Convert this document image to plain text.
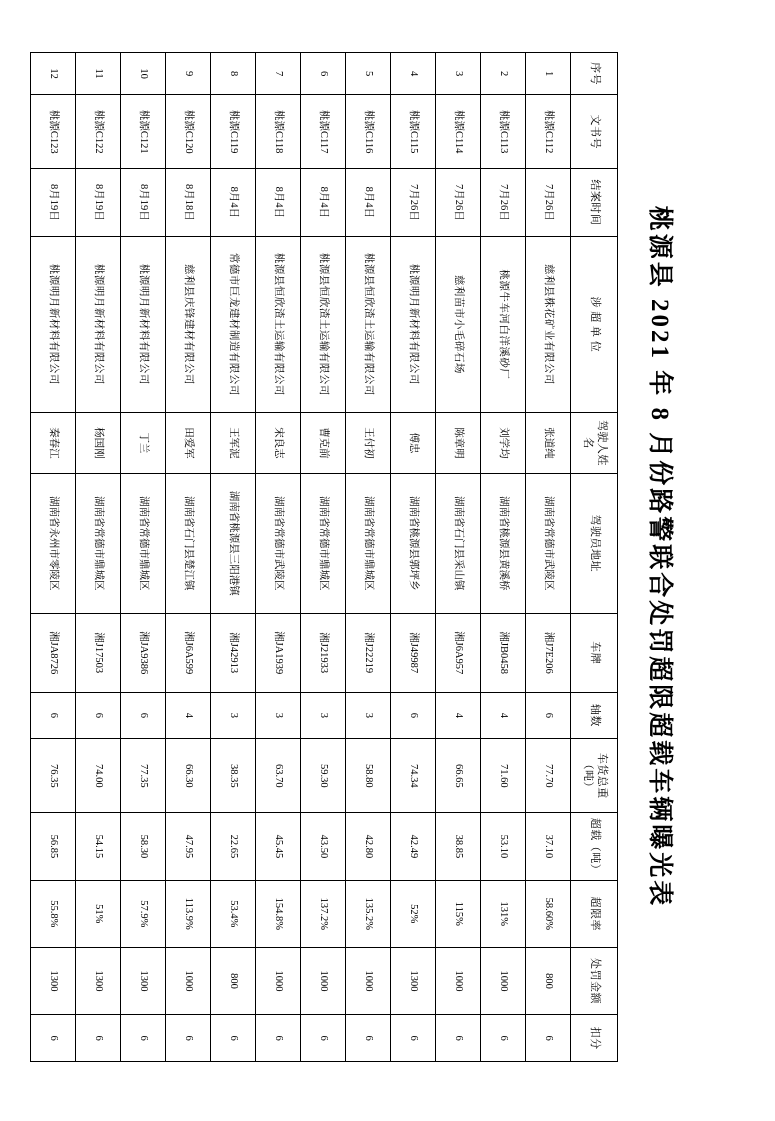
桃源县 2021 年 8 月份路警联合处罚超限超载车辆曝光表
序号	文书号	结案时间	涉 超 单 位	驾驶人姓名	驾驶员地址	车牌	轴数	车货总重（吨）	超载（吨）	超限率	处罚金额	扣分
1	桃源C112	7月26日	慈利县株花矿业有限公司	张道纯	湖南省常德市武陵区	湘J7E206	6	77.70	37.10	58.60%	800	6
2	桃源C113	7月26日	桃源牛车河白洋溪砂厂	刘学均	湖南省桃源县黄溪桥	湘JB0458	4	71.60	53.10	131%	1000	6
3	桃源C114	7月26日	慈利苗市小毛碎石场	陈章明	湖南省石门县采山镇	湘J6A957	4	66.65	38.85	115%	1000	6
4	桃源C115	7月26日	桃源明月新材料有限公司	傅忠	湖南省桃源县郭坪乡	湘J49987	6	74.34	42.49	52%	1300	6
5	桃源C116	8月4日	桃源县恒欣渣土运输有限公司	王付初	湖南省常德市鼎城区	湘J22219	3	58.80	42.80	135.2%	1000	6
6	桃源C117	8月4日	桃源县恒欣渣土运输有限公司	曹克前	湖南省常德市鼎城区	湘J21933	3	59.30	43.50	137.2%	1000	6
7	桃源C118	8月4日	桃源县恒欣渣土运输有限公司	宋良志	湖南省常德市武陵区	湘JA1939	3	63.70	45.45	154.8%	1000	6
8	桃源C119	8月4日	常德市巨龙建材制造有限公司	王军泥	湖南省桃源县三阳港镇	湘J42913	3	38.35	22.65	53.4%	800	6
9	桃源C120	8月18日	慈利县庆锋建材有限公司	田爱军	湖南省石门县楚江镇	湘J6A599	4	66.30	47.95	113.9%	1000	6
10	桃源C121	8月19日	桃源明月新材料有限公司	丁兰	湖南省常德市鼎城区	湘JA9386	6	77.35	58.30	57.9%	1300	6
11	桃源C122	8月19日	桃源明月新材料有限公司	杨国刚	湖南省常德市鼎城区	湘J17503	6	74.00	54.15	51%	1300	6
12	桃源C123	8月19日	桃源明月新材料有限公司	秦春江	湖南省永州市零陵区	湘JA8726	6	76.35	56.85	55.8%	1300	6
